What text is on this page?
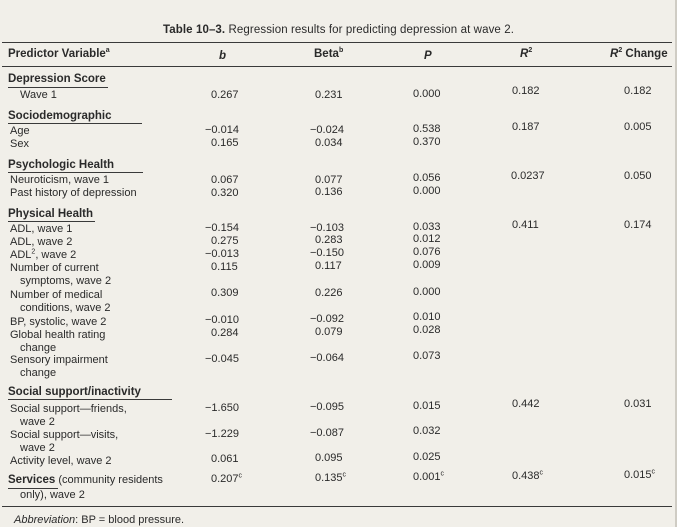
Table 10–3. Regression results for predicting depression at wave 2.
Predictor Variable$^a$	b	Beta$^b$	P	$R^2$	$R^2$ Change
Depression Score
Wave 1	0.267	0.231	0.000	0.182	0.182
Sociodemographic
Age	−0.014	−0.024	0.538	0.187	0.005
Sex	0.165	0.034	0.370
Psychologic Health
Neuroticism, wave 1	0.067	0.077	0.056	0.0237	0.050
Past history of depression	0.320	0.136	0.000
Physical Health
ADL, wave 1	−0.154	−0.103	0.033	0.411	0.174
ADL, wave 2	0.275	0.283	0.012
ADL$^2$, wave 2	−0.013	−0.150	0.076
Number of current
symptoms, wave 2
0.115	0.117	0.009
Number of medical
conditions, wave 2
0.309	0.226	0.000
BP, systolic, wave 2	−0.010	−0.092	0.010
Global health rating
change
0.284	0.079	0.028
Sensory impairment
change
−0.045	−0.064	0.073
Social support/inactivity
Social support—friends,
wave 2
−1.650	−0.095	0.015	0.442	0.031
Social support—visits,
wave 2
−1.229	−0.087	0.032
Activity level, wave 2	0.061	0.095	0.025
Services (community residents
only), wave 2
0.207$^c$	0.135$^c$	0.001$^c$	0.438$^c$	0.015$^c$
Abbreviation: BP = blood pressure.
